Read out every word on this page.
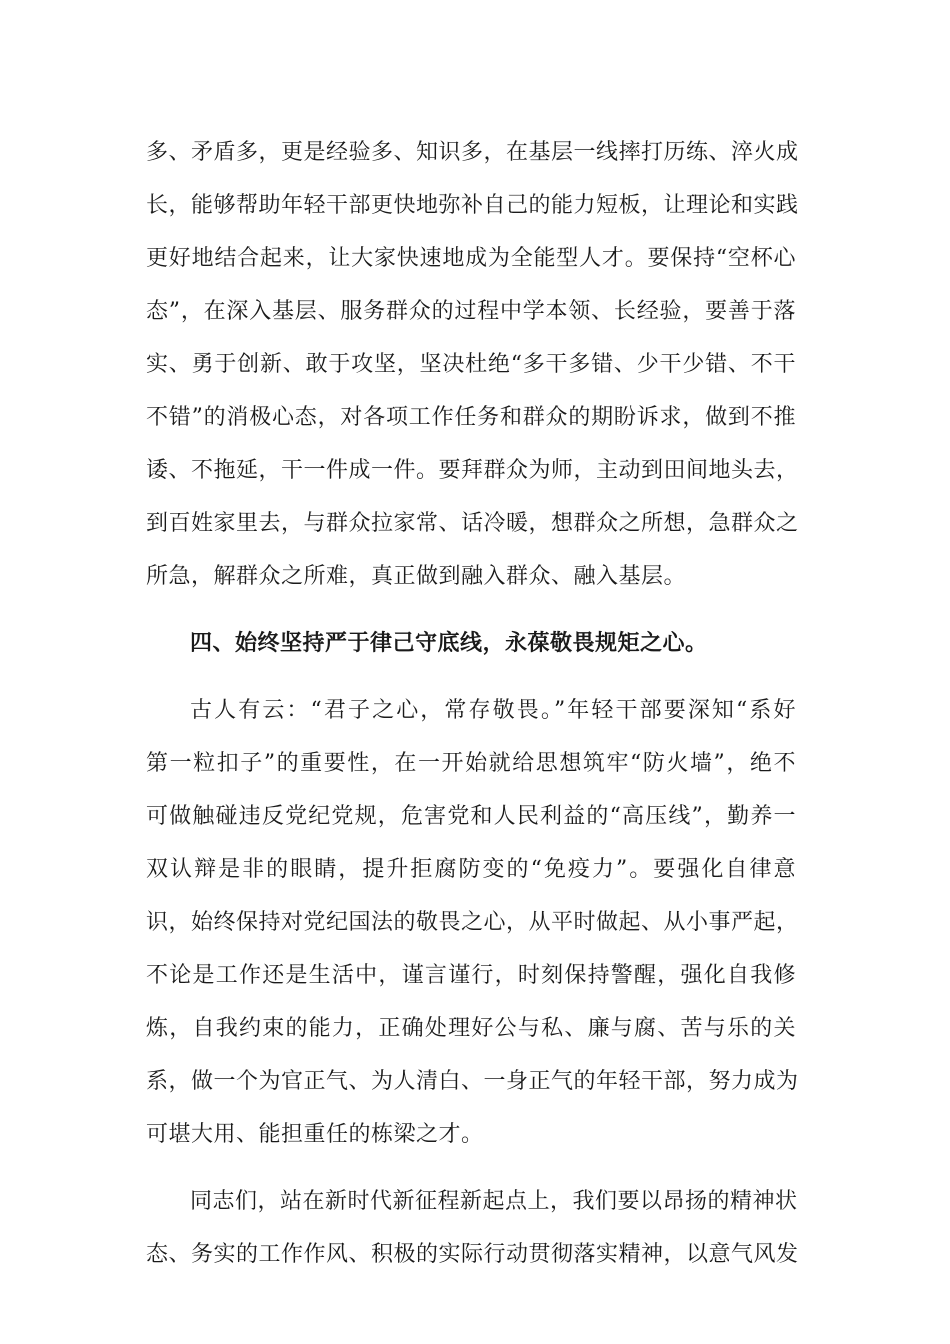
多、矛盾多，更是经验多、知识多，在基层一线摔打历练、淬火成
长，能够帮助年轻干部更快地弥补自己的能力短板，让理论和实践
更好地结合起来，让大家快速地成为全能型人才。要保持“空杯心
态”，在深入基层、服务群众的过程中学本领、长经验，要善于落
实、勇于创新、敢于攻坚，坚决杜绝“多干多错、少干少错、不干
不错”的消极心态，对各项工作任务和群众的期盼诉求，做到不推
诿、不拖延，干一件成一件。要拜群众为师，主动到田间地头去，
到百姓家里去，与群众拉家常、话冷暖，想群众之所想，急群众之
所急，解群众之所难，真正做到融入群众、融入基层。
四、始终坚持严于律己守底线，永葆敬畏规矩之心。
古人有云：“君子之心，常存敬畏。”年轻干部要深知“系好
第一粒扣子”的重要性，在一开始就给思想筑牢“防火墙”，绝不
可做触碰违反党纪党规，危害党和人民利益的“高压线”，勤养一
双认辩是非的眼睛，提升拒腐防变的“免疫力”。要强化自律意
识，始终保持对党纪国法的敬畏之心，从平时做起、从小事严起，
不论是工作还是生活中，谨言谨行，时刻保持警醒，强化自我修
炼，自我约束的能力，正确处理好公与私、廉与腐、苦与乐的关
系，做一个为官正气、为人清白、一身正气的年轻干部，努力成为
可堪大用、能担重任的栋梁之才。
同志们，站在新时代新征程新起点上，我们要以昂扬的精神状
态、务实的工作作风、积极的实际行动贯彻落实精神，以意气风发
